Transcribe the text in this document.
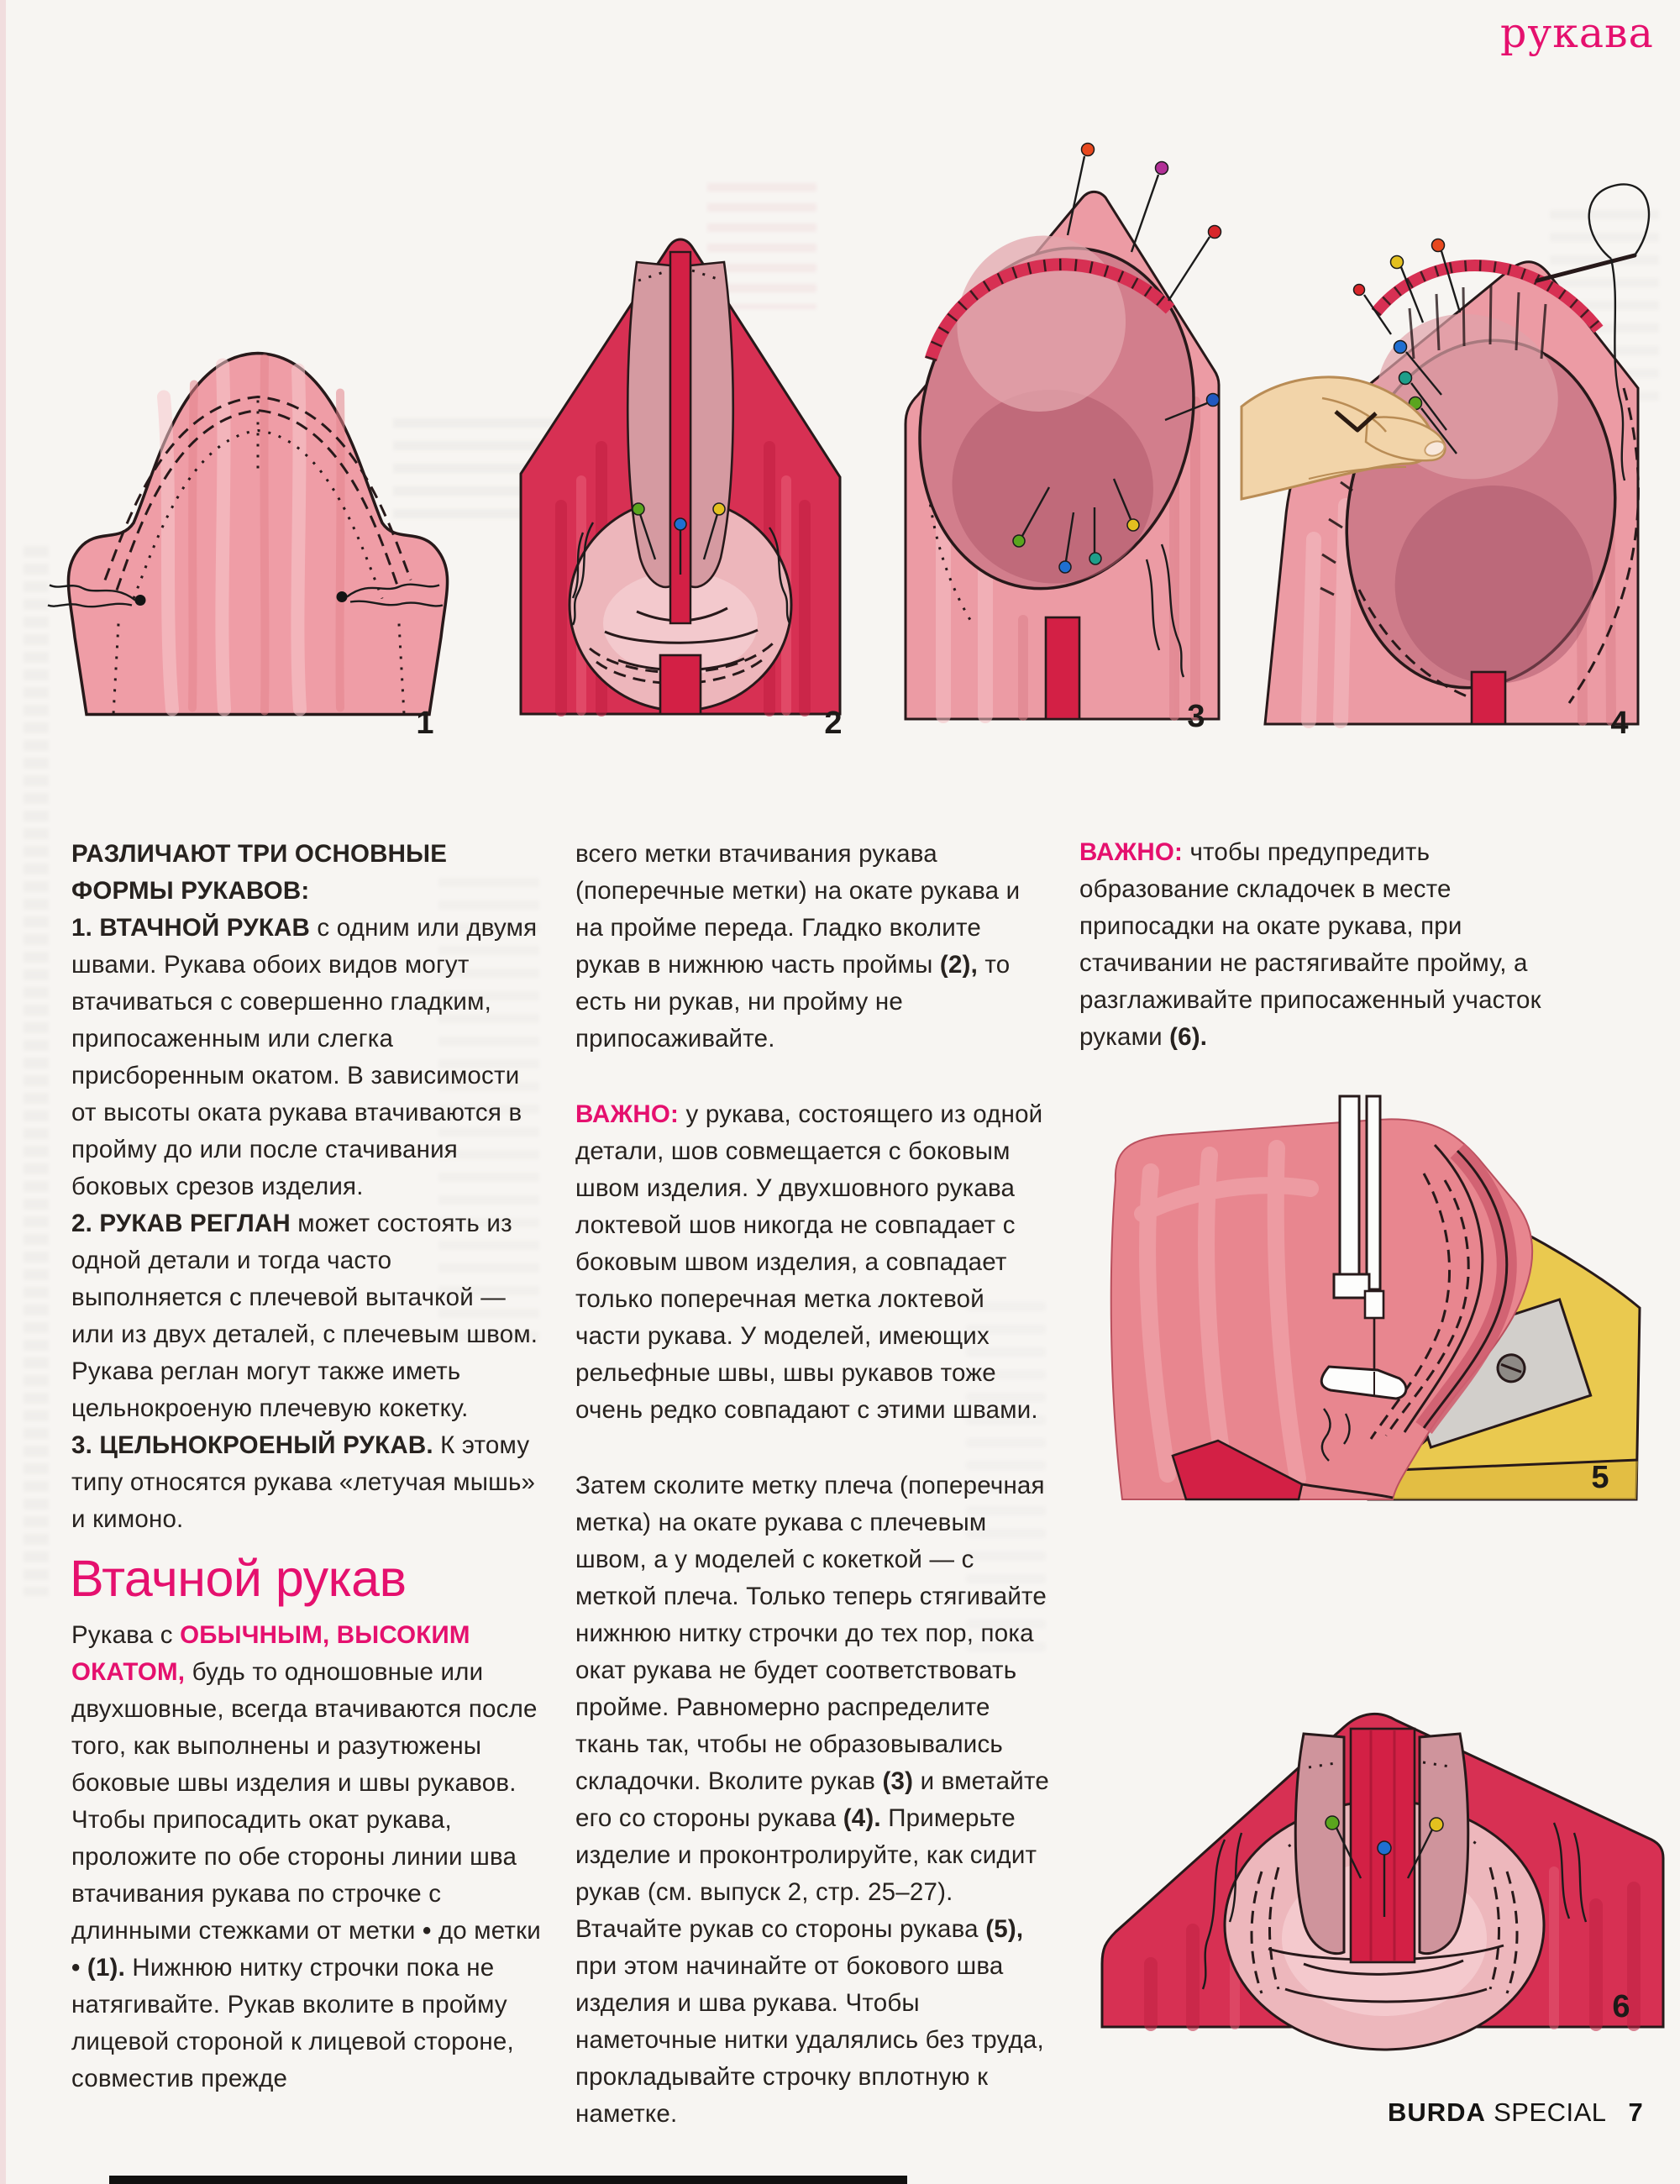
рукава
1	2	3	4

РАЗЛИЧАЮТ ТРИ ОСНОВНЫЕ ФОРМЫ РУКАВОВ:

1. ВТАЧНОЙ РУКАВ с одним или двумя швами. Рукава обоих видов могут втачиваться с совершенно гладким, припосаженным или слегка присборенным окатом. В зависимости от высоты оката рукава втачиваются в пройму до или после стачивания боковых срезов изделия.

2. РУКАВ РЕГЛАН может состоять из одной детали и тогда часто выполняется с плечевой вытачкой — или из двух деталей, с плечевым швом. Рукава реглан могут также иметь цельнокроеную плечевую кокетку.

3. ЦЕЛЬНОКРОЕНЫЙ РУКАВ. К этому типу относятся рукава «летучая мышь» и кимоно.

Втачной рукав

Рукава с ОБЫЧНЫМ, ВЫСОКИМ ОКАТОМ, будь то одношовные или двухшовные, всегда втачиваются после того, как выполнены и разутюжены боковые швы изделия и швы рукавов. Чтобы припосадить окат рукава, проложите по обе стороны линии шва втачивания рукава по строчке с длинными стежками от метки • до метки • (1). Нижнюю нитку строчки пока не натягивайте. Рукав вколите в пройму лицевой стороной к лицевой стороне, совместив прежде

всего метки втачивания рукава (поперечные метки) на окате рукава и на пройме переда. Гладко вколите рукав в нижнюю часть проймы (2), то есть ни рукав, ни пройму не припосаживайте.

ВАЖНО: у рукава, состоящего из одной детали, шов совмещается с боковым швом изделия. У двухшовного рукава локтевой шов никогда не совпадает с боковым швом изделия, а совпадает только поперечная метка локтевой части рукава. У моделей, имеющих рельефные швы, швы рукавов тоже очень редко совпадают с этими швами.

Затем сколите метку плеча (поперечная метка) на окате рукава с плечевым швом, а у моделей с кокеткой — с меткой плеча. Только теперь стягивайте нижнюю нитку строчки до тех пор, пока окат рукава не будет соответствовать пройме. Равномерно распределите ткань так, чтобы не образовывались складочки. Вколите рукав (3) и вметайте его со стороны рукава (4). Примерьте изделие и проконтролируйте, как сидит рукав (см. выпуск 2, стр. 25–27). Втачайте рукав со стороны рукава (5), при этом начинайте от бокового шва изделия и шва рукава. Чтобы наметочные нитки удалялись без труда, прокладывайте строчку вплотную к наметке.

ВАЖНО: чтобы предупредить образование складочек в месте припосадки на окате рукава, при стачивании не растягивайте пройму, а разглаживайте припосаженный участок руками (6).

5
6
BURDA SPECIAL 7
